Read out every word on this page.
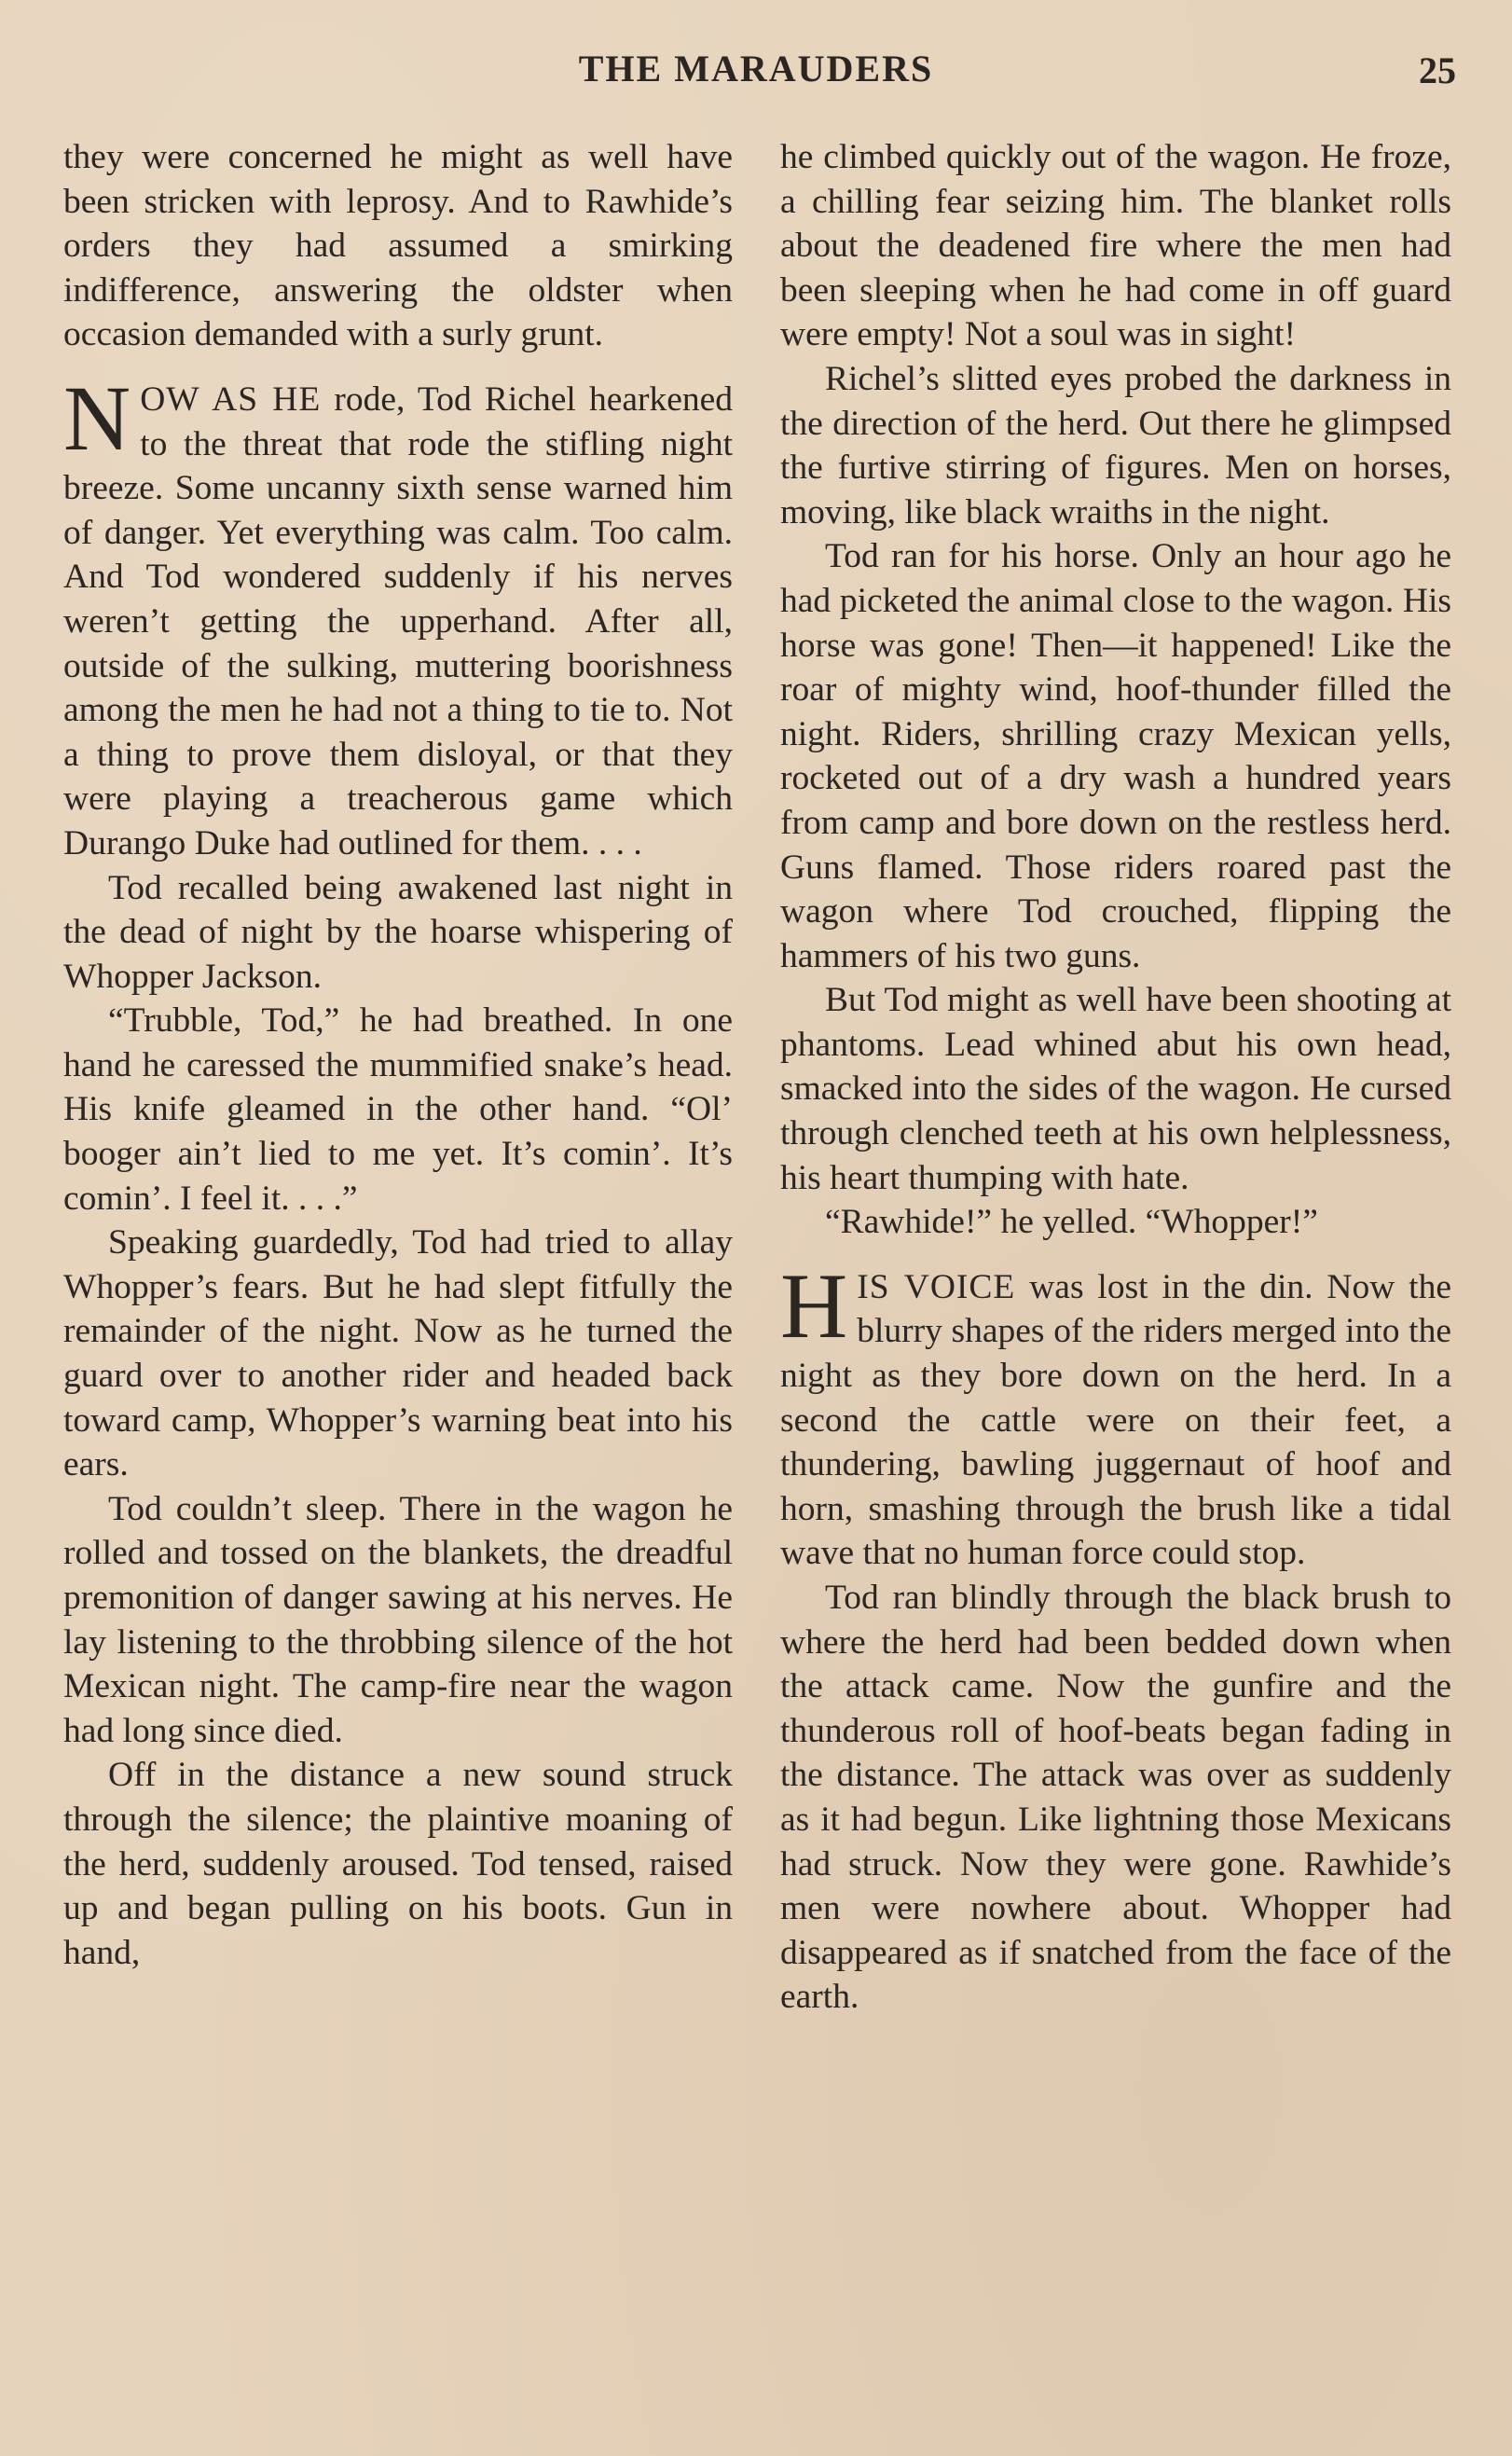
THE MARAUDERS	25

they were concerned he might as well have been stricken with leprosy. And to Rawhide’s orders they had assumed a smirking indifference, answering the oldster when occasion demanded with a surly grunt.

NOW AS HE rode, Tod Richel hearkened to the threat that rode the stifling night breeze. Some uncanny sixth sense warned him of danger. Yet everything was calm. Too calm. And Tod wondered suddenly if his nerves weren’t getting the upperhand. After all, outside of the sulking, muttering boorishness among the men he had not a thing to tie to. Not a thing to prove them disloyal, or that they were playing a treacherous game which Durango Duke had outlined for them. . . .

Tod recalled being awakened last night in the dead of night by the hoarse whispering of Whopper Jackson.

“Trubble, Tod,” he had breathed. In one hand he caressed the mummified snake’s head. His knife gleamed in the other hand. “Ol’ booger ain’t lied to me yet. It’s comin’. It’s comin’. I feel it. . . .”

Speaking guardedly, Tod had tried to allay Whopper’s fears. But he had slept fitfully the remainder of the night. Now as he turned the guard over to another rider and headed back toward camp, Whopper’s warning beat into his ears.

Tod couldn’t sleep. There in the wagon he rolled and tossed on the blankets, the dreadful premonition of danger sawing at his nerves. He lay listening to the throbbing silence of the hot Mexican night. The camp-fire near the wagon had long since died.

Off in the distance a new sound struck through the silence; the plaintive moaning of the herd, suddenly aroused. Tod tensed, raised up and began pulling on his boots. Gun in hand,

he climbed quickly out of the wagon. He froze, a chilling fear seizing him. The blanket rolls about the deadened fire where the men had been sleeping when he had come in off guard were empty! Not a soul was in sight!

Richel’s slitted eyes probed the darkness in the direction of the herd. Out there he glimpsed the furtive stirring of figures. Men on horses, moving, like black wraiths in the night.

Tod ran for his horse. Only an hour ago he had picketed the animal close to the wagon. His horse was gone! Then—it happened! Like the roar of mighty wind, hoof-thunder filled the night. Riders, shrilling crazy Mexican yells, rocketed out of a dry wash a hundred years from camp and bore down on the restless herd. Guns flamed. Those riders roared past the wagon where Tod crouched, flipping the hammers of his two guns.

But Tod might as well have been shooting at phantoms. Lead whined abut his own head, smacked into the sides of the wagon. He cursed through clenched teeth at his own helplessness, his heart thumping with hate.

“Rawhide!” he yelled. “Whopper!”

HIS VOICE was lost in the din. Now the blurry shapes of the riders merged into the night as they bore down on the herd. In a second the cattle were on their feet, a thundering, bawling juggernaut of hoof and horn, smashing through the brush like a tidal wave that no human force could stop.

Tod ran blindly through the black brush to where the herd had been bedded down when the attack came. Now the gunfire and the thunderous roll of hoof-beats began fading in the distance. The attack was over as suddenly as it had begun. Like lightning those Mexicans had struck. Now they were gone. Rawhide’s men were nowhere about. Whopper had disappeared as if snatched from the face of the earth.
